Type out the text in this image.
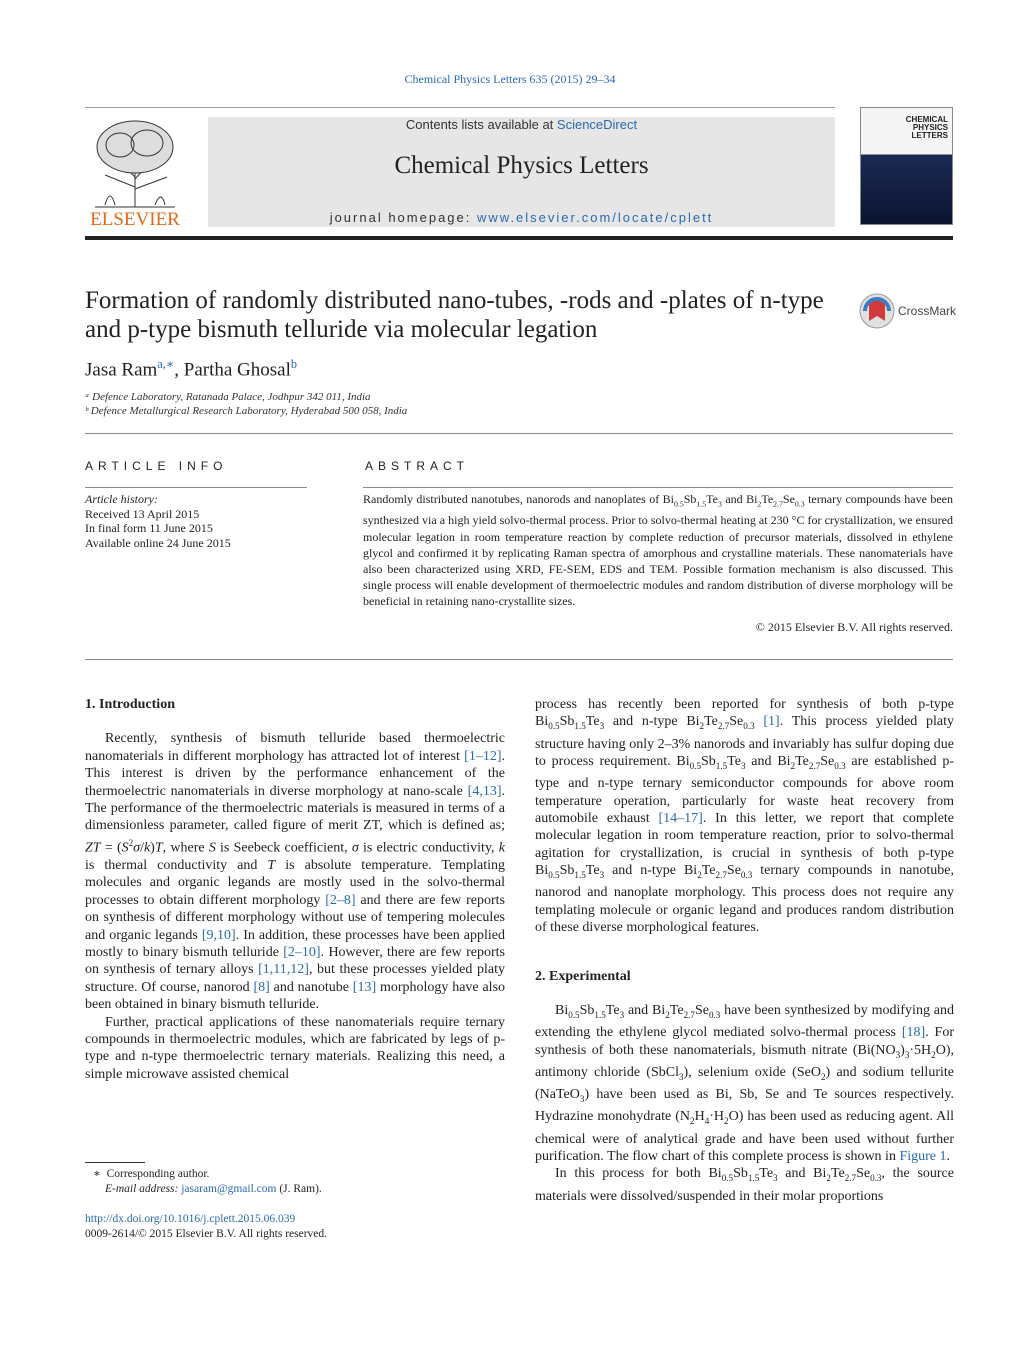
Chemical Physics Letters 635 (2015) 29–34
ELSEVIER
Contents lists available at ScienceDirect
Chemical Physics Letters
journal homepage: www.elsevier.com/locate/cplett
CHEMICAL PHYSICS LETTERS
Formation of randomly distributed nano-tubes, -rods and -plates of n-type and p-type bismuth telluride via molecular legation
CrossMark
Jasa Ram$^{a,∗}$, Partha Ghosal$^b$
ᵃ Defence Laboratory, Ratanada Palace, Jodhpur 342 011, India
ᵇ Defence Metallurgical Research Laboratory, Hyderabad 500 058, India
ARTICLE INFO	ABSTRACT
Article history:
Received 13 April 2015
In final form 11 June 2015
Available online 24 June 2015
Randomly distributed nanotubes, nanorods and nanoplates of $Bi_{0.5}Sb_{1.5}Te_3$ and $Bi_2Te_{2.7}Se_{0.3}$ ternary compounds have been synthesized via a high yield solvo-thermal process. Prior to solvo-thermal heating at 230 °C for crystallization, we ensured molecular legation in room temperature reaction by complete reduction of precursor materials, dissolved in ethylene glycol and confirmed it by replicating Raman spectra of amorphous and crystalline materials. These nanomaterials have also been characterized using XRD, FE-SEM, EDS and TEM. Possible formation mechanism is also discussed. This single process will enable development of thermoelectric modules and random distribution of diverse morphology will be beneficial in retaining nano-crystallite sizes.
© 2015 Elsevier B.V. All rights reserved.
1. Introduction

Recently, synthesis of bismuth telluride based thermoelectric nanomaterials in different morphology has attracted lot of interest [1–12]. This interest is driven by the performance enhancement of the thermoelectric nanomaterials in diverse morphology at nano-scale [4,13]. The performance of the thermoelectric materials is measured in terms of a dimensionless parameter, called figure of merit ZT, which is defined as; ZT = $(S^2\sigma/k)T$, where S is Seebeck coefficient, σ is electric conductivity, k is thermal conductivity and T is absolute temperature. Templating molecules and organic legands are mostly used in the solvo-thermal processes to obtain different morphology [2–8] and there are few reports on synthesis of different morphology without use of tempering molecules and organic legands [9,10]. In addition, these processes have been applied mostly to binary bismuth telluride [2–10]. However, there are few reports on synthesis of ternary alloys [1,11,12], but these processes yielded platy structure. Of course, nanorod [8] and nanotube [13] morphology have also been obtained in binary bismuth telluride.

Further, practical applications of these nanomaterials require ternary compounds in thermoelectric modules, which are fabricated by legs of p-type and n-type thermoelectric ternary materials. Realizing this need, a simple microwave assisted chemical

process has recently been reported for synthesis of both p-type $Bi_{0.5}Sb_{1.5}Te_3$ and n-type $Bi_2Te_{2.7}Se_{0.3}$ [1]. This process yielded platy structure having only 2–3% nanorods and invariably has sulfur doping due to process requirement. $Bi_{0.5}Sb_{1.5}Te_3$ and $Bi_2Te_{2.7}Se_{0.3}$ are established p-type and n-type ternary semiconductor compounds for above room temperature operation, particularly for waste heat recovery from automobile exhaust [14–17]. In this letter, we report that complete molecular legation in room temperature reaction, prior to solvo-thermal agitation for crystallization, is crucial in synthesis of both p-type $Bi_{0.5}Sb_{1.5}Te_3$ and n-type $Bi_2Te_{2.7}Se_{0.3}$ ternary compounds in nanotube, nanorod and nanoplate morphology. This process does not require any templating molecule or organic legand and produces random distribution of these diverse morphological features.

2. Experimental

$Bi_{0.5}Sb_{1.5}Te_3$ and $Bi_2Te_{2.7}Se_{0.3}$ have been synthesized by modifying and extending the ethylene glycol mediated solvo-thermal process [18]. For synthesis of both these nanomaterials, bismuth nitrate $(Bi(NO_3)_3\cdot 5H_2O)$, antimony chloride (SbCl$_3$), selenium oxide (SeO$_2$) and sodium tellurite (NaTeO$_3$) have been used as Bi, Sb, Se and Te sources respectively. Hydrazine monohydrate $(N_2H_4\cdot H_2O)$ has been used as reducing agent. All chemical were of analytical grade and have been used without further purification. The flow chart of this complete process is shown in Figure 1.

In this process for both $Bi_{0.5}Sb_{1.5}Te_3$ and $Bi_2Te_{2.7}Se_{0.3}$, the source materials were dissolved/suspended in their molar proportions

∗ Corresponding author.
E-mail address: jasaram@gmail.com (J. Ram).
http://dx.doi.org/10.1016/j.cplett.2015.06.039
0009-2614/© 2015 Elsevier B.V. All rights reserved.
